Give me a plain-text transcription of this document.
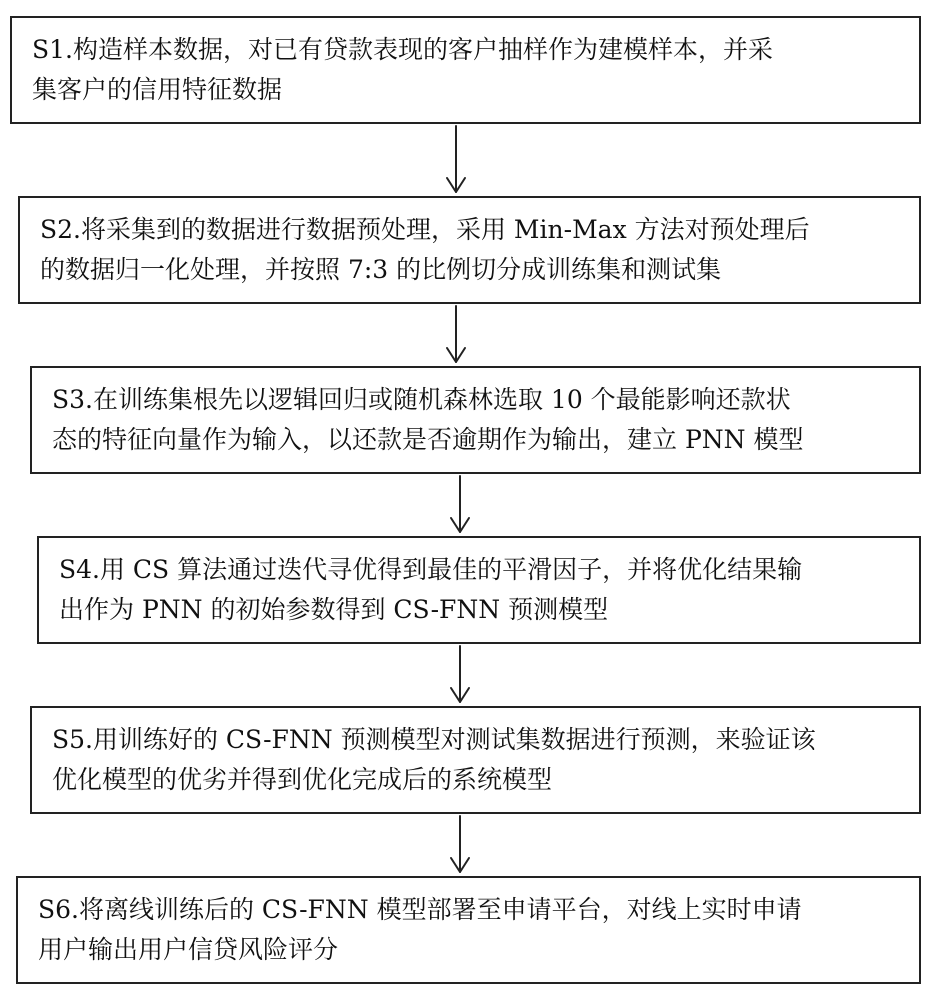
S1.构造样本数据，对已有贷款表现的客户抽样作为建模样本，并采

集客户的信用特征数据

S2.将采集到的数据进行数据预处理，采用 Min-Max 方法对预处理后

的数据归一化处理，并按照 7:3 的比例切分成训练集和测试集

S3.在训练集根先以逻辑回归或随机森林选取 10 个最能影响还款状

态的特征向量作为输入，以还款是否逾期作为输出，建立 PNN 模型

S4.用 CS 算法通过迭代寻优得到最佳的平滑因子，并将优化结果输

出作为 PNN 的初始参数得到 CS-FNN 预测模型

S5.用训练好的 CS-FNN 预测模型对测试集数据进行预测，来验证该

优化模型的优劣并得到优化完成后的系统模型

S6.将离线训练后的 CS-FNN 模型部署至申请平台，对线上实时申请

用户输出用户信贷风险评分
